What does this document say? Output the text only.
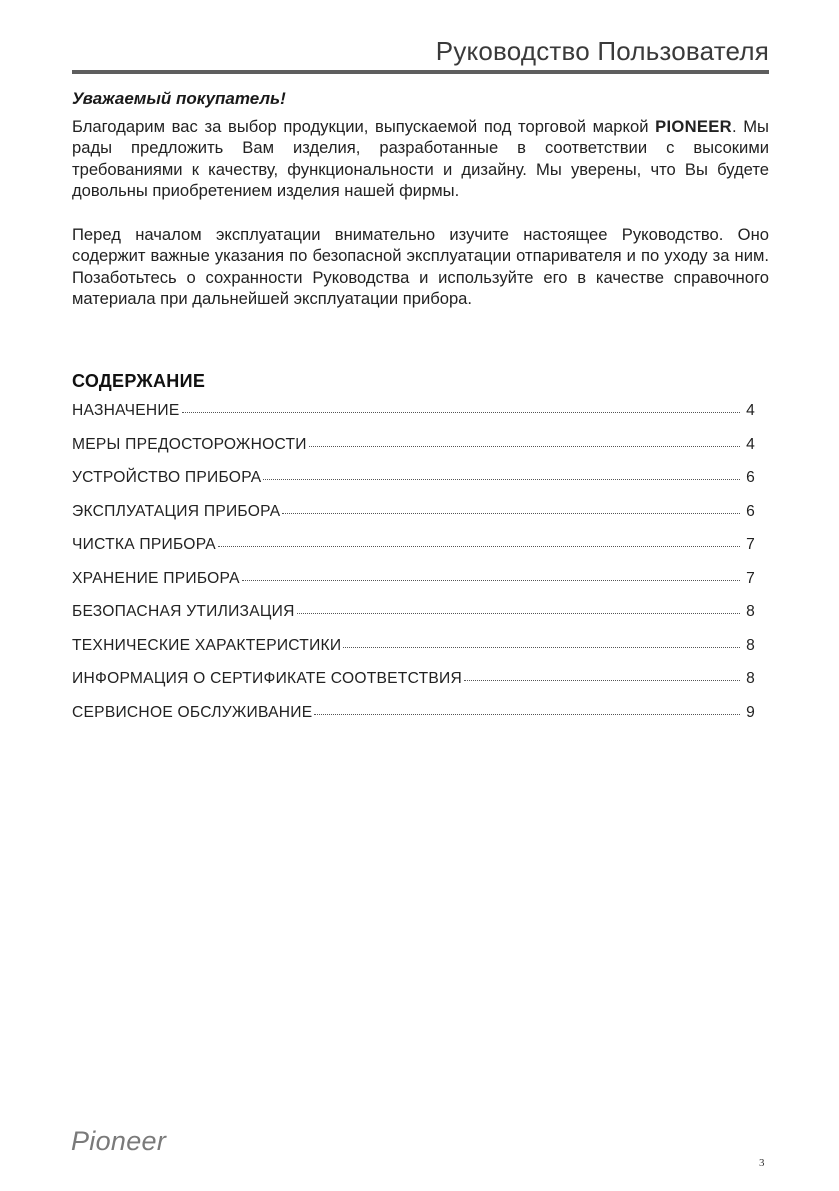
Руководство Пользователя
Уважаемый покупатель!

Благодарим вас за выбор продукции, выпускаемой под торговой маркой PIONEER. Мы рады предложить Вам изделия, разработанные в соответствии с высокими требованиями к качеству, функциональности и дизайну. Мы уверены, что Вы будете довольны приобретением изделия нашей фирмы.

Перед началом эксплуатации внимательно изучите настоящее Руководство. Оно содержит важные указания по безопасной эксплуатации отпаривателя и по уходу за ним. Позаботьтесь о сохранности Руководства и используйте его в качестве справочного материала при дальнейшей эксплуатации прибора.

СОДЕРЖАНИЕ
НАЗНАЧЕНИЕ	4
МЕРЫ ПРЕДОСТОРОЖНОСТИ	4
УСТРОЙСТВО ПРИБОРА	6
ЭКСПЛУАТАЦИЯ ПРИБОРА	6
ЧИСТКА ПРИБОРА	7
ХРАНЕНИЕ ПРИБОРА	7
БЕЗОПАСНАЯ УТИЛИЗАЦИЯ	8
ТЕХНИЧЕСКИЕ ХАРАКТЕРИСТИКИ	8
ИНФОРМАЦИЯ О СЕРТИФИКАТЕ СООТВЕТСТВИЯ	8
СЕРВИСНОЕ ОБСЛУЖИВАНИЕ	9
Pioneer
3
